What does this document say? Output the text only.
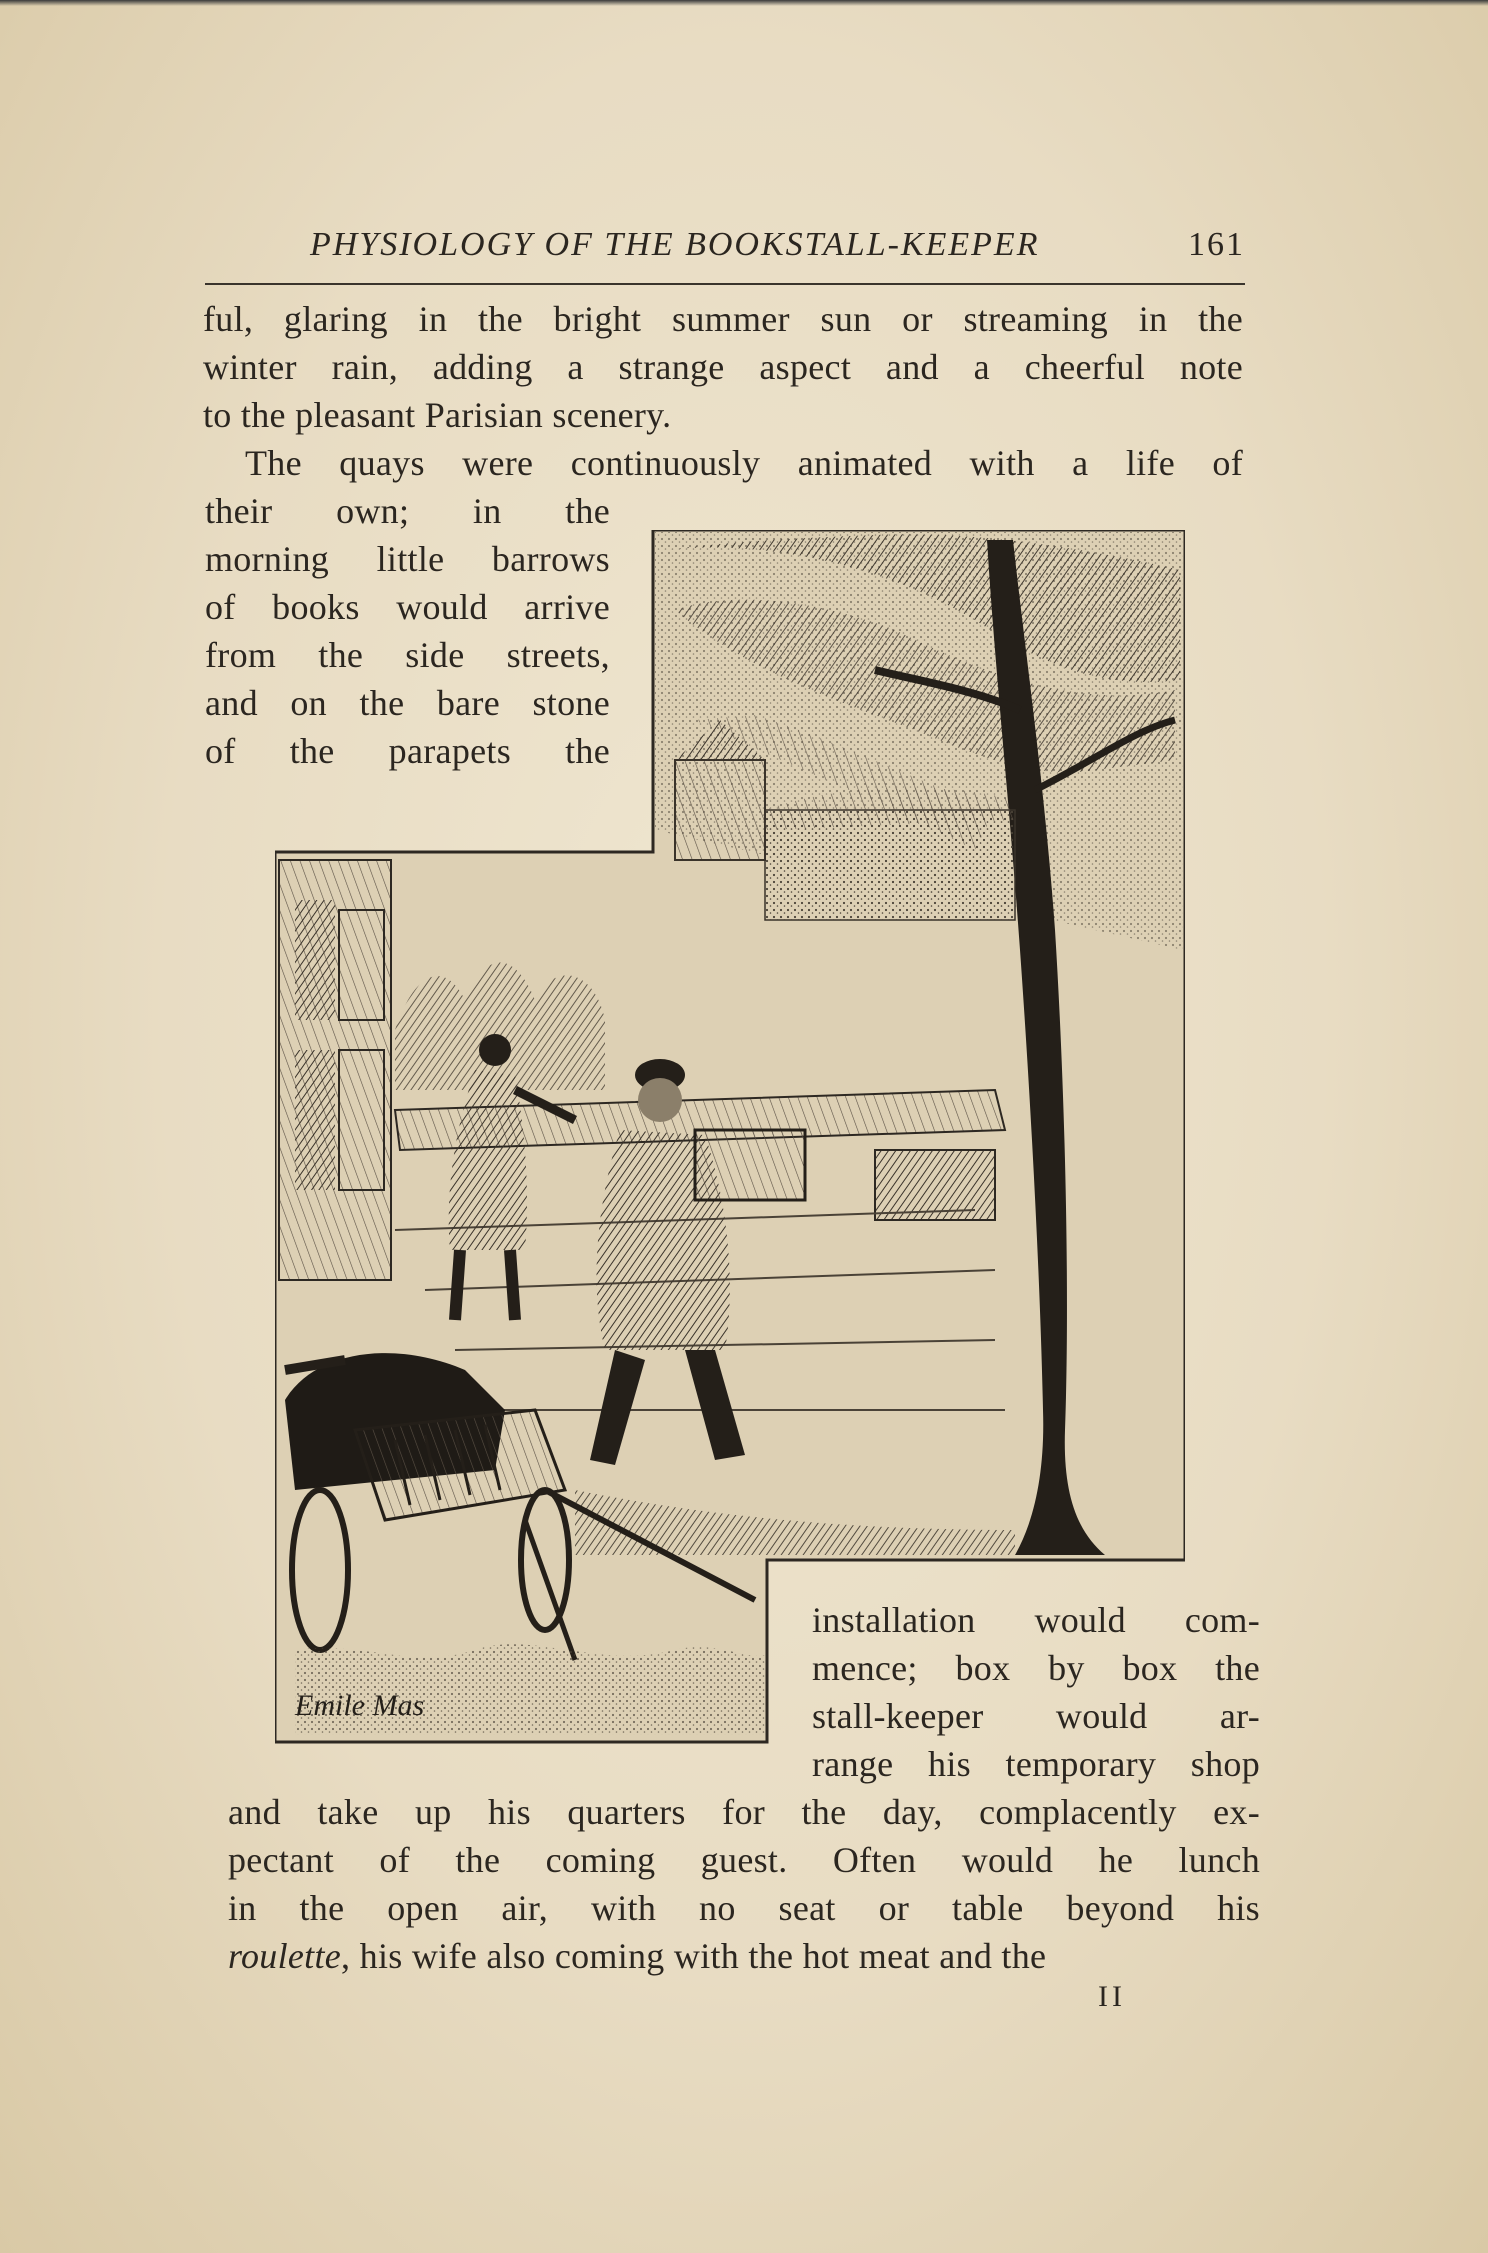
PHYSIOLOGY OF THE BOOKSTALL-KEEPER	161
ful, glaring in the bright summer sun or streaming in the
winter rain, adding a strange aspect and a cheerful note
to the pleasant Parisian scenery.
The quays were continuously animated with a life of
their own; in the
morning little barrows
of books would arrive
from the side streets,
and on the bare stone
of the parapets the
Emile Mas
installation would com-
mence; box by box the
stall-keeper would ar-
range his temporary shop
and take up his quarters for the day, complacently ex-
pectant of the coming guest. Often would he lunch
in the open air, with no seat or table beyond his
roulette, his wife also coming with the hot meat and the
II
